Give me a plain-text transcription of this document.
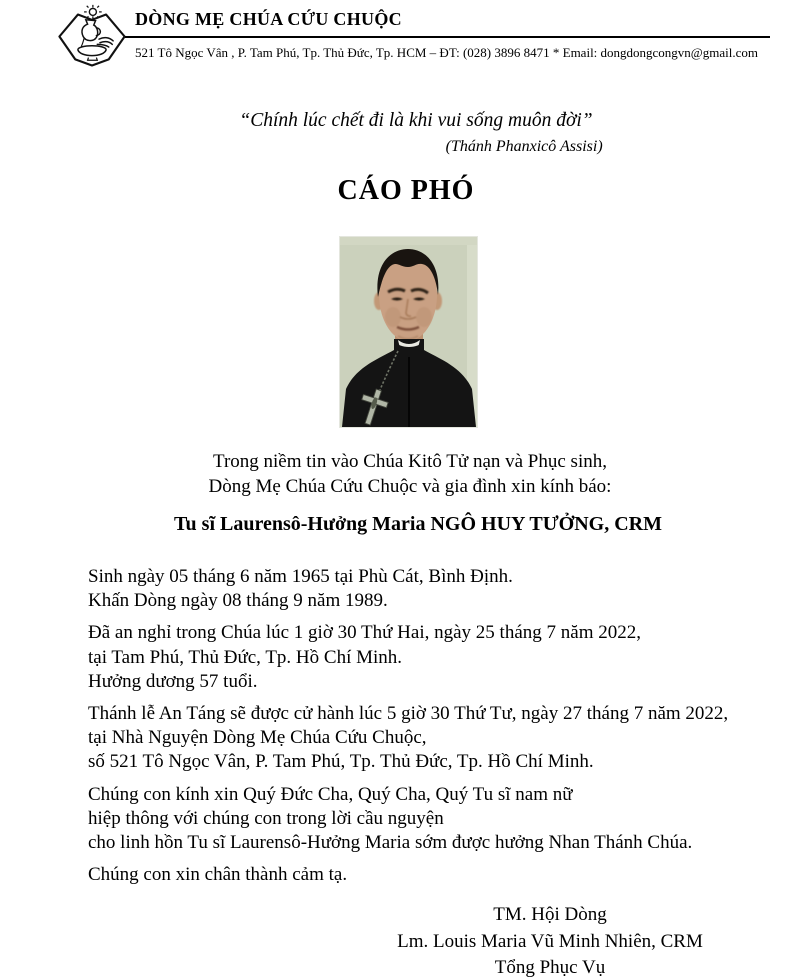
DÒNG MẸ CHÚA CỨU CHUỘC
521 Tô Ngọc Vân , P. Tam Phú, Tp. Thủ Đức, Tp. HCM – ĐT: (028) 3896 8471 * Email: dongdongcongvn@gmail.com
“Chính lúc chết đi là khi vui sống muôn đời”
(Thánh Phanxicô Assisi)
CÁO PHÓ
Trong niềm tin vào Chúa Kitô Tử nạn và Phục sinh,
Dòng Mẹ Chúa Cứu Chuộc và gia đình xin kính báo:
Tu sĩ Laurensô-Hưởng Maria NGÔ HUY TƯỞNG, CRM
Sinh ngày 05 tháng 6 năm 1965 tại Phù Cát, Bình Định.
Khấn Dòng ngày 08 tháng 9 năm 1989.
Đã an nghỉ trong Chúa lúc 1 giờ 30 Thứ Hai, ngày 25 tháng 7 năm 2022,
tại Tam Phú, Thủ Đức, Tp. Hồ Chí Minh.
Hưởng dương 57 tuổi.
Thánh lễ An Táng sẽ được cử hành lúc 5 giờ 30 Thứ Tư, ngày 27 tháng 7 năm 2022,
tại Nhà Nguyện Dòng Mẹ Chúa Cứu Chuộc,
số 521 Tô Ngọc Vân, P. Tam Phú, Tp. Thủ Đức, Tp. Hồ Chí Minh.
Chúng con kính xin Quý Đức Cha, Quý Cha, Quý Tu sĩ nam nữ
hiệp thông với chúng con trong lời cầu nguyện
cho linh hồn Tu sĩ Laurensô-Hưởng Maria sớm được hưởng Nhan Thánh Chúa.
Chúng con xin chân thành cảm tạ.
TM. Hội Dòng
Lm. Louis Maria Vũ Minh Nhiên, CRM
Tổng Phục Vụ
